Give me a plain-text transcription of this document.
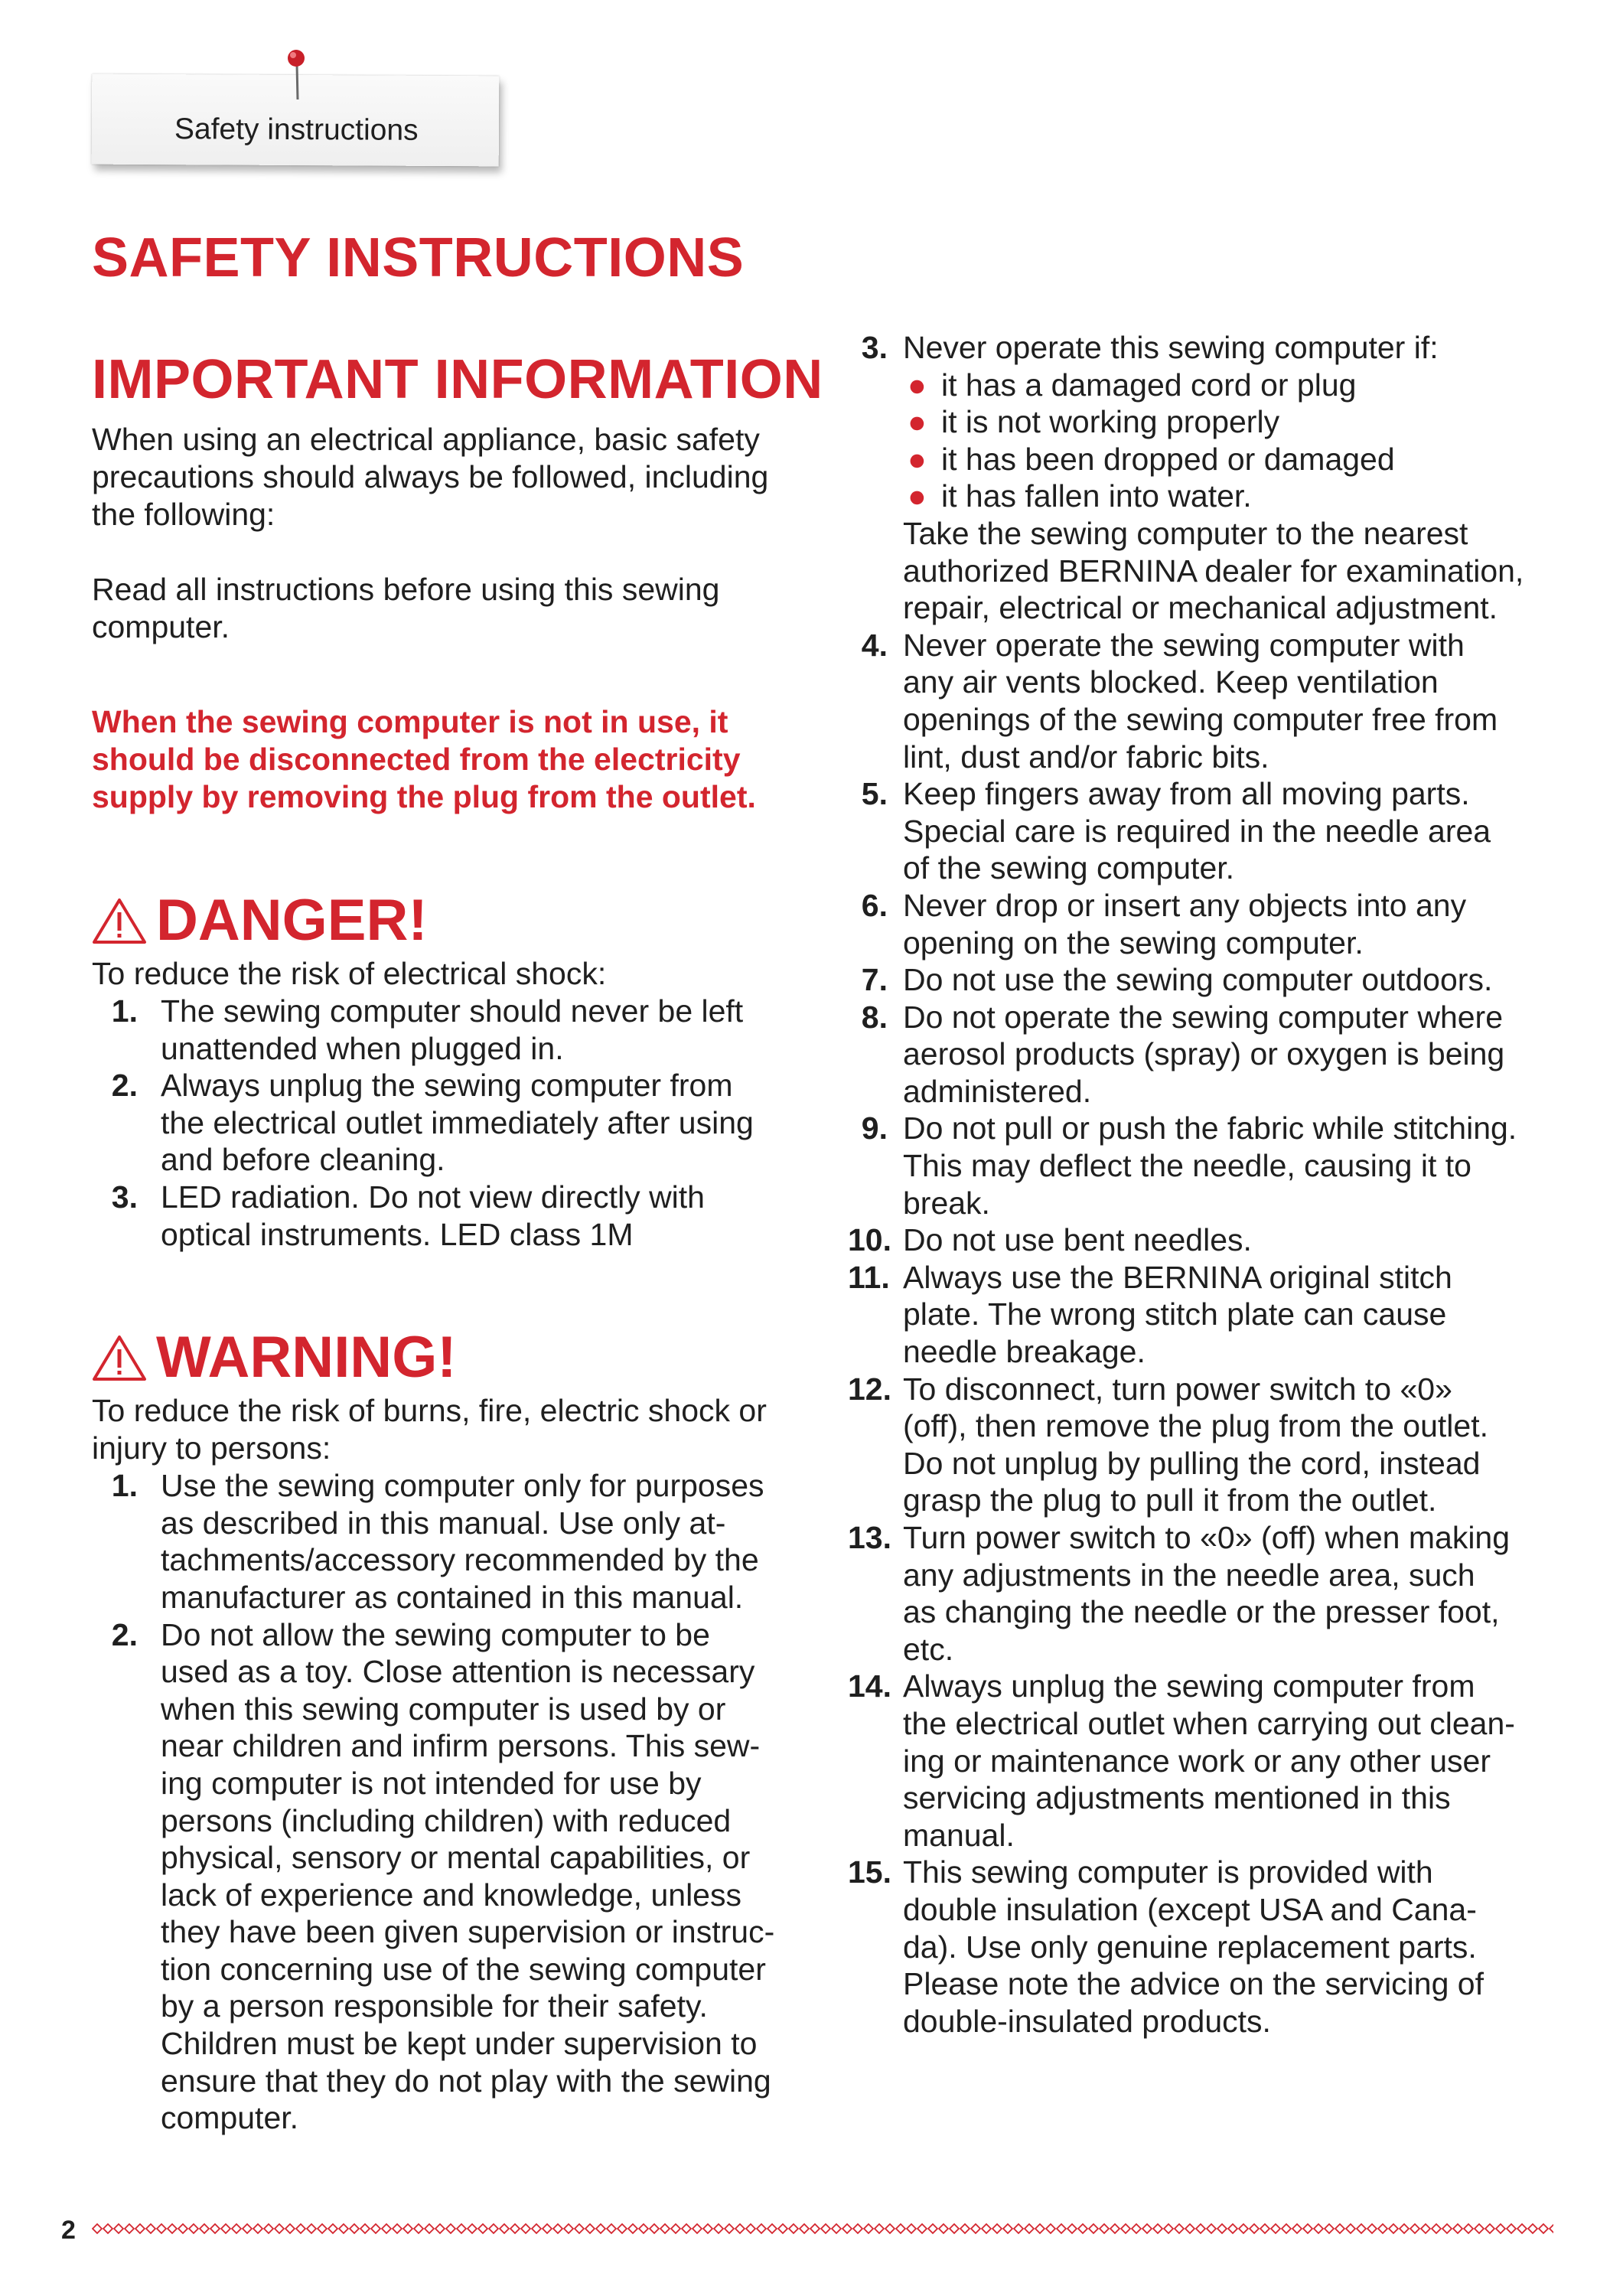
Safety instructions
SAFETY INSTRUCTIONS
IMPORTANT INFORMATION

When using an electrical appliance, basic safety

precautions should always be followed, including

the following:

Read all instructions before using this sewing

computer.

When the sewing computer is not in use, it

should be disconnected from the electricity

supply by removing the plug from the outlet.

DANGER!

To reduce the risk of electrical shock:

1. The sewing computer should never be left
unattended when plugged in.
2. Always unplug the sewing computer from
the electrical outlet immediately after using
and before cleaning.
3. LED radiation. Do not view directly with
optical instruments. LED class 1M
WARNING!

To reduce the risk of burns, fire, electric shock or

injury to persons:

1. Use the sewing computer only for purposes
as described in this manual. Use only at-
tachments/accessory recommended by the
manufacturer as contained in this manual.
2. Do not allow the sewing computer to be
used as a toy. Close attention is necessary
when this sewing computer is used by or
near children and infirm persons. This sew-
ing computer is not intended for use by
persons (including children) with reduced
physical, sensory or mental capabilities, or
lack of experience and knowledge, unless
they have been given supervision or instruc-
tion concerning use of the sewing computer
by a person responsible for their safety.
Children must be kept under supervision to
ensure that they do not play with the sewing
computer.
3. Never operate this sewing computer if:
● it has a damaged cord or plug
● it is not working properly
● it has been dropped or damaged
● it has fallen into water.
Take the sewing computer to the nearest
authorized BERNINA dealer for examination,
repair, electrical or mechanical adjustment.
4. Never operate the sewing computer with
any air vents blocked. Keep ventilation
openings of the sewing computer free from
lint, dust and/or fabric bits.
5. Keep fingers away from all moving parts.
Special care is required in the needle area
of the sewing computer.
6. Never drop or insert any objects into any
opening on the sewing computer.
7. Do not use the sewing computer outdoors.
8. Do not operate the sewing computer where
aerosol products (spray) or oxygen is being
administered.
9. Do not pull or push the fabric while stitching.
This may deflect the needle, causing it to
break.
10. Do not use bent needles.
11. Always use the BERNINA original stitch
plate. The wrong stitch plate can cause
needle breakage.
12. To disconnect, turn power switch to «0»
(off), then remove the plug from the outlet.
Do not unplug by pulling the cord, instead
grasp the plug to pull it from the outlet.
13. Turn power switch to «0» (off) when making
any adjustments in the needle area, such
as changing the needle or the presser foot,
etc.
14. Always unplug the sewing computer from
the electrical outlet when carrying out clean-
ing or maintenance work or any other user
servicing adjustments mentioned in this
manual.
15. This sewing computer is provided with
double insulation (except USA and Cana-
da). Use only genuine replacement parts.
Please note the advice on the servicing of
double-insulated products.
2
